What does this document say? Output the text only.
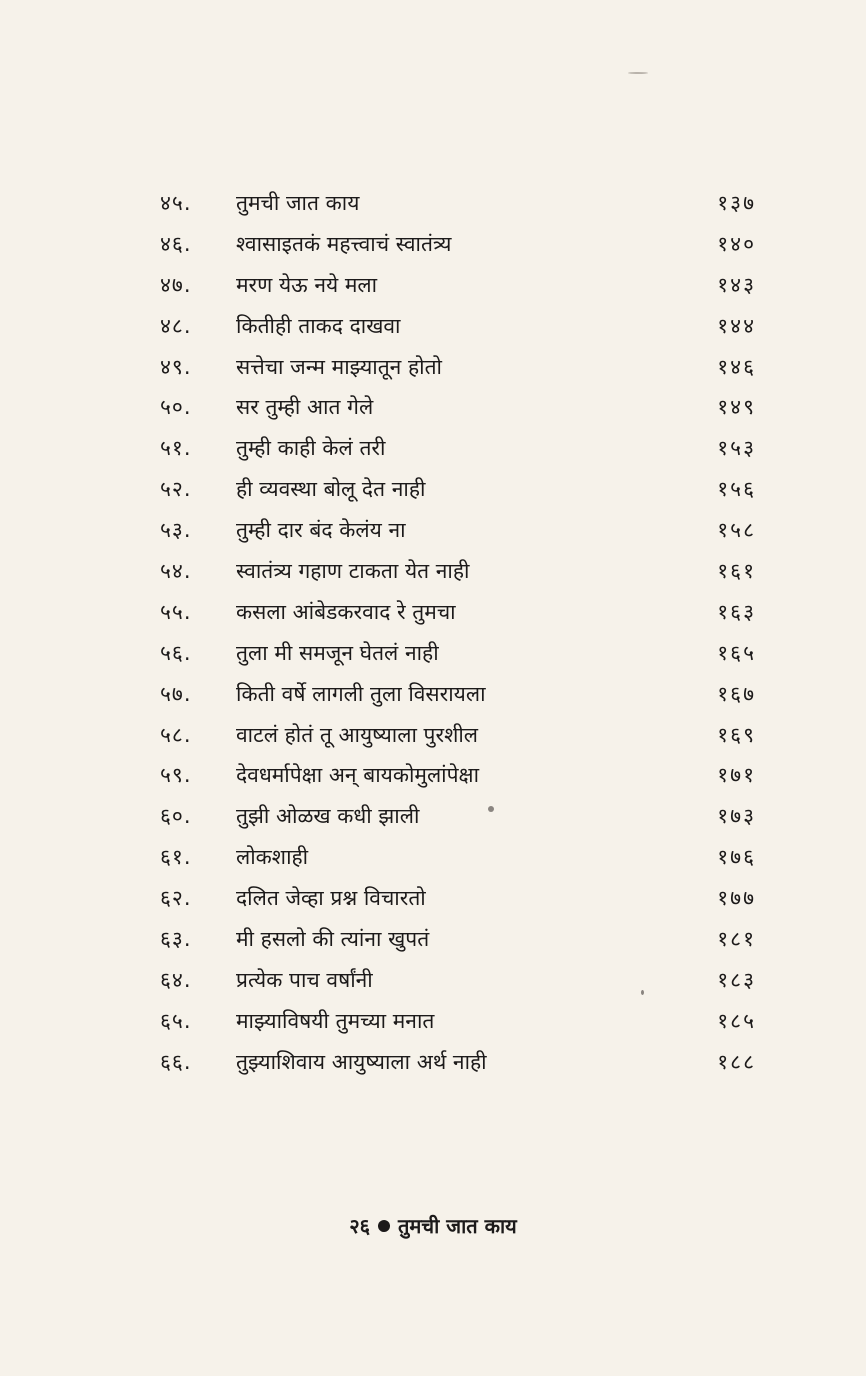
४५.	तुमची जात काय	१३७
४६.	श्वासाइतकं महत्त्वाचं स्वातंत्र्य	१४०
४७.	मरण येऊ नये मला	१४३
४८.	कितीही ताकद दाखवा	१४४
४९.	सत्तेचा जन्म माझ्यातून होतो	१४६
५०.	सर तुम्ही आत गेले	१४९
५१.	तुम्ही काही केलं तरी	१५३
५२.	ही व्यवस्था बोलू देत नाही	१५६
५३.	तुम्ही दार बंद केलंय ना	१५८
५४.	स्वातंत्र्य गहाण टाकता येत नाही	१६१
५५.	कसला आंबेडकरवाद रे तुमचा	१६३
५६.	तुला मी समजून घेतलं नाही	१६५
५७.	किती वर्षे लागली तुला विसरायला	१६७
५८.	वाटलं होतं तू आयुष्याला पुरशील	१६९
५९.	देवधर्मापेक्षा अन् बायकोमुलांपेक्षा	१७१
६०.	तुझी ओळख कधी झाली	१७३
६१.	लोकशाही	१७६
६२.	दलित जेव्हा प्रश्न विचारतो	१७७
६३.	मी हसलो की त्यांना खुपतं	१८१
६४.	प्रत्येक पाच वर्षांनी	१८३
६५.	माझ्याविषयी तुमच्या मनात	१८५
६६.	तुझ्याशिवाय आयुष्याला अर्थ नाही	१८८
२६ तुमची जात काय
